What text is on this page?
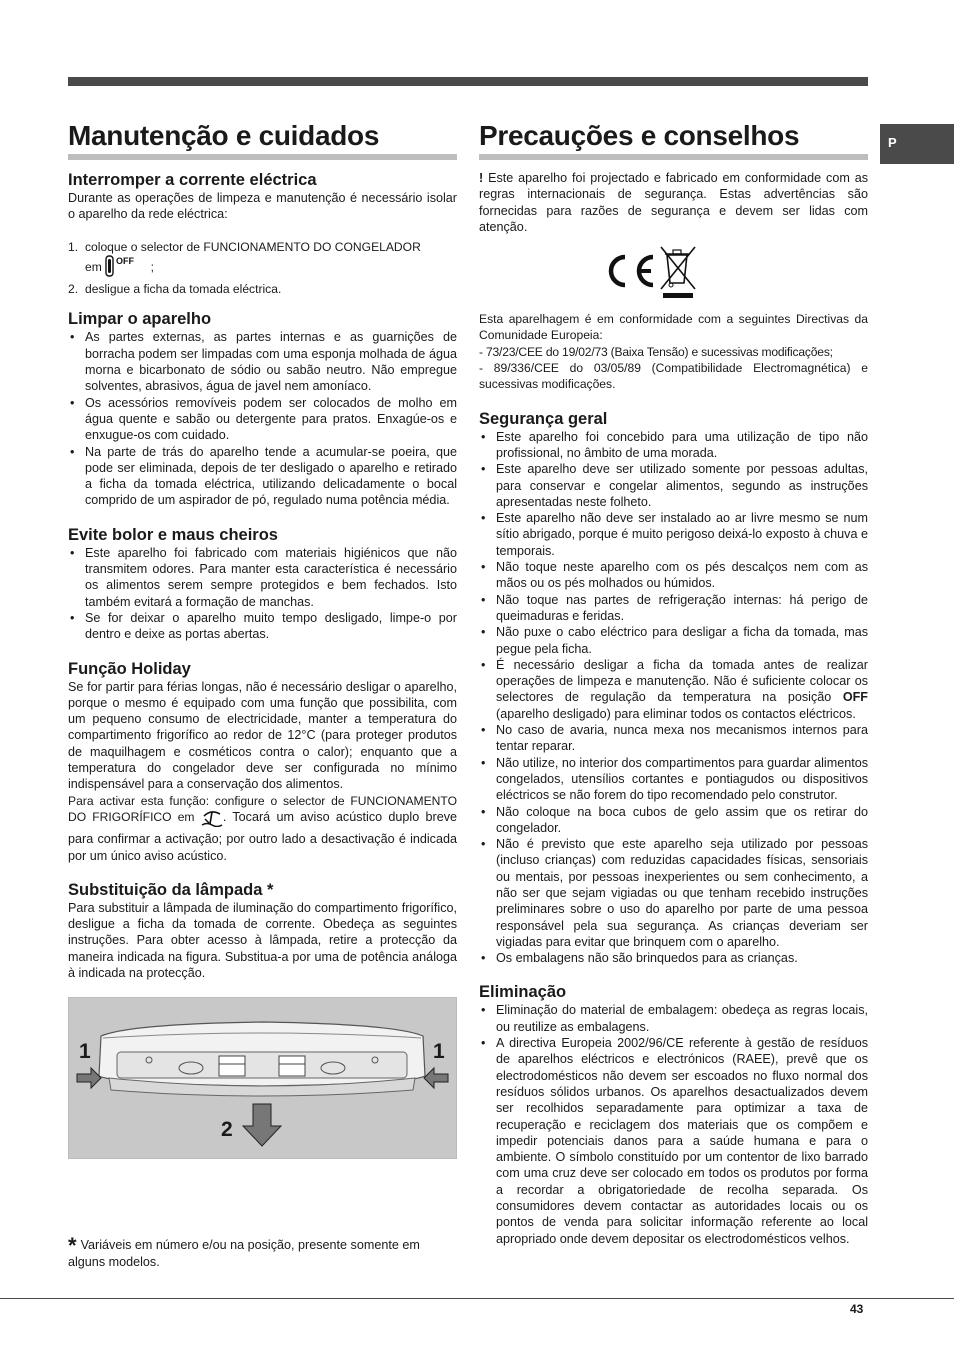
P
Manutenção e cuidados
Interromper a corrente eléctrica

Durante as operações de limpeza e manutenção é necessário isolar o aparelho da rede eléctrica:

1. coloque o selector de FUNCIONAMENTO DO CONGELADOR
em OFF ;
2. desligue a ficha da tomada eléctrica.
Limpar o aparelho
• As partes externas, as partes internas e as guarnições de borracha podem ser limpadas com uma esponja molhada de água morna e bicarbonato de sódio ou sabão neutro. Não empregue solventes, abrasivos, água de javel nem amoníaco.
• Os acessórios removíveis podem ser colocados de molho em água quente e sabão ou detergente para pratos. Enxagúe-os e enxugue-os com cuidado.
• Na parte de trás do aparelho tende a acumular-se poeira, que pode ser eliminada, depois de ter desligado o aparelho e retirado a ficha da tomada eléctrica, utilizando delicadamente o bocal comprido de um aspirador de pó, regulado numa potência média.
Evite bolor e maus cheiros
• Este aparelho foi fabricado com materiais higiénicos que não transmitem odores. Para manter esta característica é necessário os alimentos serem sempre protegidos e bem fechados. Isto também evitará a formação de manchas.
• Se for deixar o aparelho muito tempo desligado, limpe-o por dentro e deixe as portas abertas.
Função Holiday

Se for partir para férias longas, não é necessário desligar o aparelho, porque o mesmo é equipado com uma função que possibilita, com um pequeno consumo de electricidade, manter a temperatura do compartimento frigorífico ao redor de 12°C (para proteger produtos de maquilhagem e cosméticos contra o calor); enquanto que a temperatura do congelador deve ser configurada no mínimo indispensável para a conservação dos alimentos.

Para activar esta função: configure o selector de FUNCIONAMENTO DO FRIGORÍFICO em . Tocará um aviso acústico duplo breve para confirmar a activação; por outro lado a desactivação é indicada por um único aviso acústico.

Substituição da lâmpada *

Para substituir a lâmpada de iluminação do compartimento frigorífico, desligue a ficha da tomada de corrente. Obedeça as seguintes instruções. Para obter acesso à lâmpada, retire a protecção da maneira indicada na figura. Substitua-a por uma de potência análoga à indicada na protecção.

1	1
2
* Variáveis em número e/ou na posição, presente somente em alguns modelos.
Precauções e conselhos

! Este aparelho foi projectado e fabricado em conformidade com as regras internacionais de segurança. Estas advertências são fornecidas para razões de segurança e devem ser lidas com atenção.

Esta aparelhagem é em conformidade com a seguintes Directivas da Comunidade Europeia:

- 73/23/CEE do 19/02/73 (Baixa Tensão) e sucessivas modificações;

- 89/336/CEE do 03/05/89 (Compatibilidade Electromagnética) e sucessivas modificações.

Segurança geral
• Este aparelho foi concebido para uma utilização de tipo não profissional, no âmbito de uma morada.
• Este aparelho deve ser utilizado somente por pessoas adultas, para conservar e congelar alimentos, segundo as instruções apresentadas neste folheto.
• Este aparelho não deve ser instalado ao ar livre mesmo se num sítio abrigado, porque é muito perigoso deixá-lo exposto à chuva e temporais.
• Não toque neste aparelho com os pés descalços nem com as mãos ou os pés molhados ou húmidos.
• Não toque nas partes de refrigeração internas: há perigo de queimaduras e feridas.
• Não puxe o cabo eléctrico para desligar a ficha da tomada, mas pegue pela ficha.
• É necessário desligar a ficha da tomada antes de realizar operações de limpeza e manutenção. Não é suficiente colocar os selectores de regulação da temperatura na posição OFF (aparelho desligado) para eliminar todos os contactos eléctricos.
• No caso de avaria, nunca mexa nos mecanismos internos para tentar reparar.
• Não utilize, no interior dos compartimentos para guardar alimentos congelados, utensílios cortantes e pontiagudos ou dispositivos eléctricos se não forem do tipo recomendado pelo construtor.
• Não coloque na boca cubos de gelo assim que os retirar do congelador.
• Não é previsto que este aparelho seja utilizado por pessoas (incluso crianças) com reduzidas capacidades físicas, sensoriais ou mentais, por pessoas inexperientes ou sem conhecimento, a não ser que sejam vigiadas ou que tenham recebido instruções preliminares sobre o uso do aparelho por parte de uma pessoa responsável pela sua segurança. As crianças deveriam ser vigiadas para evitar que brinquem com o aparelho.
• Os embalagens não são brinquedos para as crianças.
Eliminação
• Eliminação do material de embalagem: obedeça as regras locais, ou reutilize as embalagens.
• A directiva Europeia 2002/96/CE referente à gestão de resíduos de aparelhos eléctricos e electrónicos (RAEE), prevê que os electrodomésticos não devem ser escoados no fluxo normal dos resíduos sólidos urbanos. Os aparelhos desactualizados devem ser recolhidos separadamente para optimizar a taxa de recuperação e reciclagem dos materiais que os compõem e impedir potenciais danos para a saúde humana e para o ambiente. O símbolo constituído por um contentor de lixo barrado com uma cruz deve ser colocado em todos os produtos por forma a recordar a obrigatoriedade de recolha separada. Os consumidores devem contactar as autoridades locais ou os pontos de venda para solicitar informação referente ao local apropriado onde devem depositar os electrodomésticos velhos.
43
